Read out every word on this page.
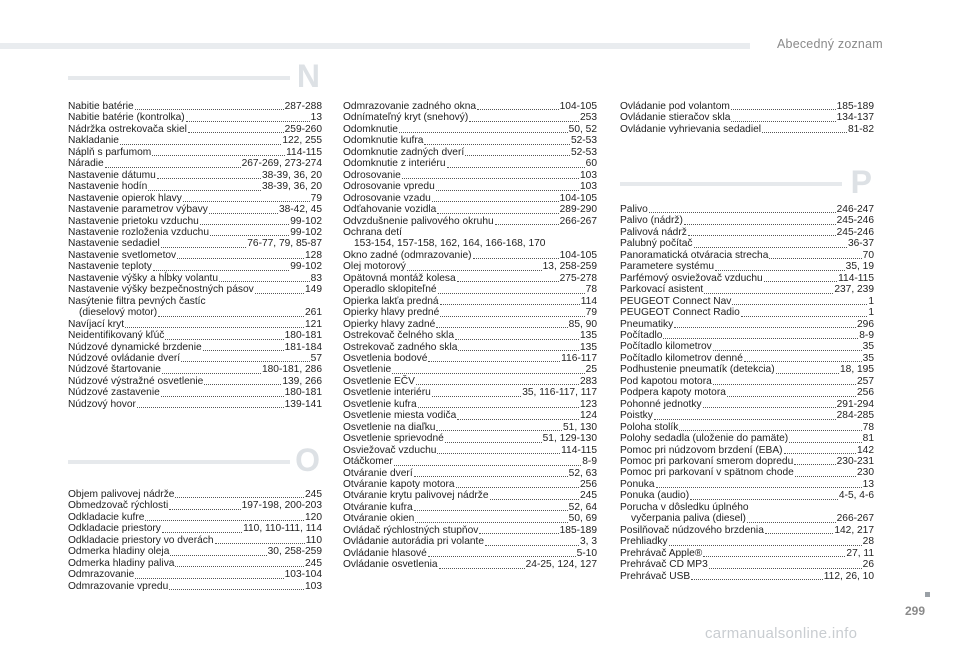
Abecedný zoznam
N
Nabitie batérie	287-288
Nabitie batérie (kontrolka)	13
Nádržka ostrekovača skiel	259-260
Nakladanie	122, 255
Náplň s parfumom	114-115
Náradie	267-269, 273-274
Nastavenie dátumu	38-39, 36, 20
Nastavenie hodín	38-39, 36, 20
Nastavenie opierok hlavy	79
Nastavenie parametrov výbavy	38-42, 45
Nastavenie prietoku vzduchu	99-102
Nastavenie rozloženia vzduchu	99-102
Nastavenie sedadiel	76-77, 79, 85-87
Nastavenie svetlometov	128
Nastavenie teploty	99-102
Nastavenie výšky a hĺbky volantu	83
Nastavenie výšky bezpečnostných pásov	149
Nasýtenie filtra pevných častíc
(dieselový motor)	261
Navíjací kryt	121
Neidentifikovaný kľúč	180-181
Núdzové dynamické brzdenie	181-184
Núdzové ovládanie dverí	57
Núdzové štartovanie	180-181, 286
Núdzové výstražné osvetlenie	139, 266
Núdzové zastavenie	180-181
Núdzový hovor	139-141
O
Objem palivovej nádrže	245
Obmedzovač rýchlosti	197-198, 200-203
Odkladacie kufre	120
Odkladacie priestory	110, 110-111, 114
Odkladacie priestory vo dverách	110
Odmerka hladiny oleja	30, 258-259
Odmerka hladiny paliva	245
Odmrazovanie	103-104
Odmrazovanie vpredu	103
Odmrazovanie zadného okna	104-105
Odnímateľný kryt (snehový)	253
Odomknutie	50, 52
Odomknutie kufra	52-53
Odomknutie zadných dverí	52-53
Odomknutie z interiéru	60
Odrosovanie	103
Odrosovanie vpredu	103
Odrosovanie vzadu	104-105
Odťahovanie vozidla	289-290
Odvzdušnenie palivového okruhu	266-267
Ochrana detí
153-154, 157-158, 162, 164, 166-168, 170
Okno zadné (odmrazovanie)	104-105
Olej motorový	13, 258-259
Opätovná montáž kolesa	275-278
Operadlo sklopiteľné	78
Opierka lakťa predná	114
Opierky hlavy predné	79
Opierky hlavy zadné	85, 90
Ostrekovač čelného skla	135
Ostrekovač zadného skla	135
Osvetlenia bodové	116-117
Osvetlenie	25
Osvetlenie EČV	283
Osvetlenie interiéru	35, 116-117, 117
Osvetlenie kufra	123
Osvetlenie miesta vodiča	124
Osvetlenie na diaľku	51, 130
Osvetlenie sprievodné	51, 129-130
Osviežovač vzduchu	114-115
Otáčkomer	8-9
Otváranie dverí	52, 63
Otváranie kapoty motora	256
Otváranie krytu palivovej nádrže	245
Otváranie kufra	52, 64
Otváranie okien	50, 69
Ovládač rýchlostných stupňov	185-189
Ovládanie autorádia pri volante	3, 3
Ovládanie hlasové	5-10
Ovládanie osvetlenia	24-25, 124, 127
Ovládanie pod volantom	185-189
Ovládanie stieračov skla	134-137
Ovládanie vyhrievania sedadiel	81-82
P
Palivo	246-247
Palivo (nádrž)	245-246
Palivová nádrž	245-246
Palubný počítač	36-37
Panoramatická otváracia strecha	70
Parametere systému	35, 19
Parfémový osviežovač vzduchu	114-115
Parkovací asistent	237, 239
PEUGEOT Connect Nav	1
PEUGEOT Connect Radio	1
Pneumatiky	296
Počítadlo	8-9
Počítadlo kilometrov	35
Počítadlo kilometrov denné	35
Podhustenie pneumatík (detekcia)	18, 195
Pod kapotou motora	257
Podpera kapoty motora	256
Pohonné jednotky	291-294
Poistky	284-285
Poloha stolík	78
Polohy sedadla (uloženie do pamäte)	81
Pomoc pri núdzovom brzdení (EBA)	142
Pomoc pri parkovaní smerom dopredu	230-231
Pomoc pri parkovaní v spätnom chode	230
Ponuka	13
Ponuka (audio)	4-5, 4-6
Porucha v dôsledku úplného
vyčerpania paliva (diesel)	266-267
Posilňovač núdzového brzdenia	142, 217
Prehliadky	28
Prehrávač Apple®	27, 11
Prehrávač CD MP3	26
Prehrávač USB	112, 26, 10
299
carmanualsonline.info
